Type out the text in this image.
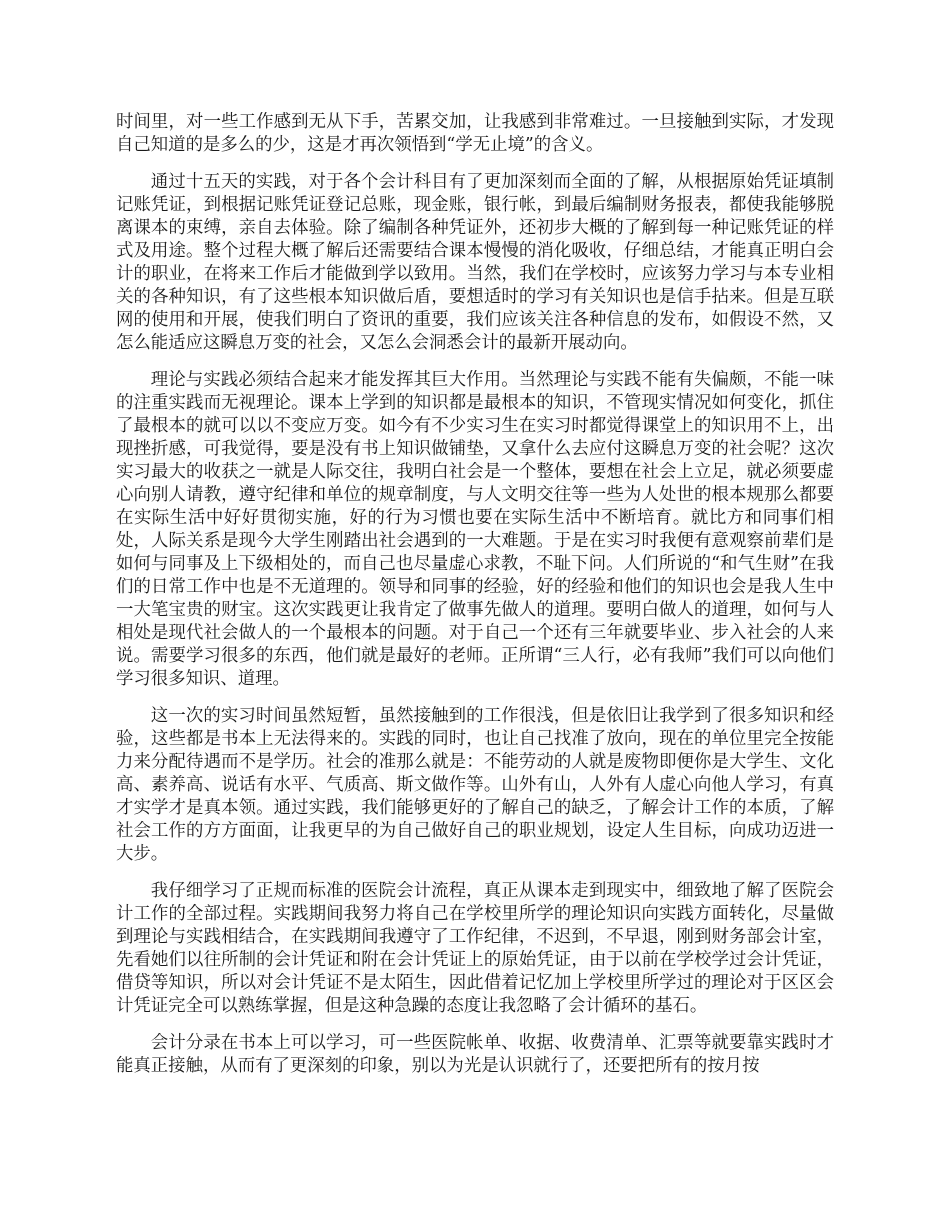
时间里，对一些工作感到无从下手，苦累交加，让我感到非常难过。一旦接触到实际，才发现自己知道的是多么的少，这是才再次领悟到“学无止境”的含义。

通过十五天的实践，对于各个会计科目有了更加深刻而全面的了解，从根据原始凭证填制记账凭证，到根据记账凭证登记总账，现金账，银行帐，到最后编制财务报表，都使我能够脱离课本的束缚，亲自去体验。除了编制各种凭证外，还初步大概的了解到每一种记账凭证的样式及用途。整个过程大概了解后还需要结合课本慢慢的消化吸收，仔细总结，才能真正明白会计的职业，在将来工作后才能做到学以致用。当然，我们在学校时，应该努力学习与本专业相关的各种知识，有了这些根本知识做后盾，要想适时的学习有关知识也是信手拈来。但是互联网的使用和开展，使我们明白了资讯的重要，我们应该关注各种信息的发布，如假设不然，又怎么能适应这瞬息万变的社会，又怎么会洞悉会计的最新开展动向。

理论与实践必须结合起来才能发挥其巨大作用。当然理论与实践不能有失偏颇，不能一味的注重实践而无视理论。课本上学到的知识都是最根本的知识，不管现实情况如何变化，抓住了最根本的就可以以不变应万变。如今有不少实习生在实习时都觉得课堂上的知识用不上，出现挫折感，可我觉得，要是没有书上知识做铺垫，又拿什么去应付这瞬息万变的社会呢？这次实习最大的收获之一就是人际交往，我明白社会是一个整体，要想在社会上立足，就必须要虚心向别人请教，遵守纪律和单位的规章制度，与人文明交往等一些为人处世的根本规那么都要在实际生活中好好贯彻实施，好的行为习惯也要在实际生活中不断培育。就比方和同事们相处，人际关系是现今大学生刚踏出社会遇到的一大难题。于是在实习时我便有意观察前辈们是如何与同事及上下级相处的，而自己也尽量虚心求教，不耻下问。人们所说的“和气生财”在我们的日常工作中也是不无道理的。领导和同事的经验，好的经验和他们的知识也会是我人生中一大笔宝贵的财宝。这次实践更让我肯定了做事先做人的道理。要明白做人的道理，如何与人相处是现代社会做人的一个最根本的问题。对于自己一个还有三年就要毕业、步入社会的人来说。需要学习很多的东西，他们就是最好的老师。正所谓“三人行，必有我师”我们可以向他们学习很多知识、道理。

这一次的实习时间虽然短暂，虽然接触到的工作很浅，但是依旧让我学到了很多知识和经验，这些都是书本上无法得来的。实践的同时，也让自己找准了放向，现在的单位里完全按能力来分配待遇而不是学历。社会的准那么就是：不能劳动的人就是废物即便你是大学生、文化高、素养高、说话有水平、气质高、斯文做作等。山外有山，人外有人虚心向他人学习，有真才实学才是真本领。通过实践，我们能够更好的了解自己的缺乏，了解会计工作的本质，了解社会工作的方方面面，让我更早的为自己做好自己的职业规划，设定人生目标，向成功迈进一大步。

我仔细学习了正规而标准的医院会计流程，真正从课本走到现实中，细致地了解了医院会计工作的全部过程。实践期间我努力将自己在学校里所学的理论知识向实践方面转化，尽量做到理论与实践相结合，在实践期间我遵守了工作纪律，不迟到，不早退，刚到财务部会计室，先看她们以往所制的会计凭证和附在会计凭证上的原始凭证，由于以前在学校学过会计凭证，借贷等知识，所以对会计凭证不是太陌生，因此借着记忆加上学校里所学过的理论对于区区会计凭证完全可以熟练掌握，但是这种急躁的态度让我忽略了会计循环的基石。

会计分录在书本上可以学习，可一些医院帐单、收据、收费清单、汇票等就要靠实践时才能真正接触，从而有了更深刻的印象，别以为光是认识就行了，还要把所有的按月按
